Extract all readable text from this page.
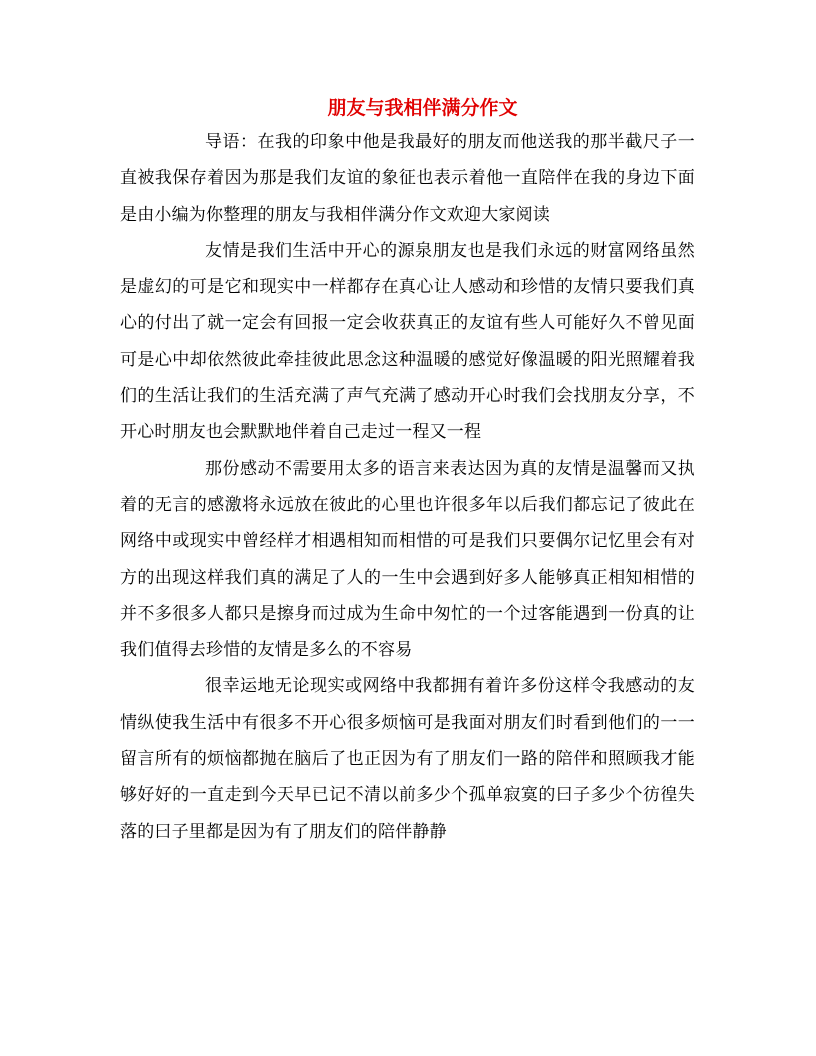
朋友与我相伴满分作文

导语：在我的印象中他是我最好的朋友而他送我的那半截尺子一直被我保存着因为那是我们友谊的象征也表示着他一直陪伴在我的身边下面是由小编为你整理的朋友与我相伴满分作文欢迎大家阅读

友情是我们生活中开心的源泉朋友也是我们永远的财富网络虽然是虚幻的可是它和现实中一样都存在真心让人感动和珍惜的友情只要我们真心的付出了就一定会有回报一定会收获真正的友谊有些人可能好久不曾见面可是心中却依然彼此牵挂彼此思念这种温暖的感觉好像温暖的阳光照耀着我们的生活让我们的生活充满了声气充满了感动开心时我们会找朋友分享，不开心时朋友也会默默地伴着自己走过一程又一程

那份感动不需要用太多的语言来表达因为真的友情是温馨而又执着的无言的感激将永远放在彼此的心里也许很多年以后我们都忘记了彼此在网络中或现实中曾经样才相遇相知而相惜的可是我们只要偶尔记忆里会有对方的出现这样我们真的满足了人的一生中会遇到好多人能够真正相知相惜的并不多很多人都只是擦身而过成为生命中匆忙的一个过客能遇到一份真的让我们值得去珍惜的友情是多么的不容易

很幸运地无论现实或网络中我都拥有着许多份这样令我感动的友情纵使我生活中有很多不开心很多烦恼可是我面对朋友们时看到他们的一一留言所有的烦恼都抛在脑后了也正因为有了朋友们一路的陪伴和照顾我才能够好好的一直走到今天早已记不清以前多少个孤单寂寞的曰子多少个彷徨失落的曰子里都是因为有了朋友们的陪伴静静
